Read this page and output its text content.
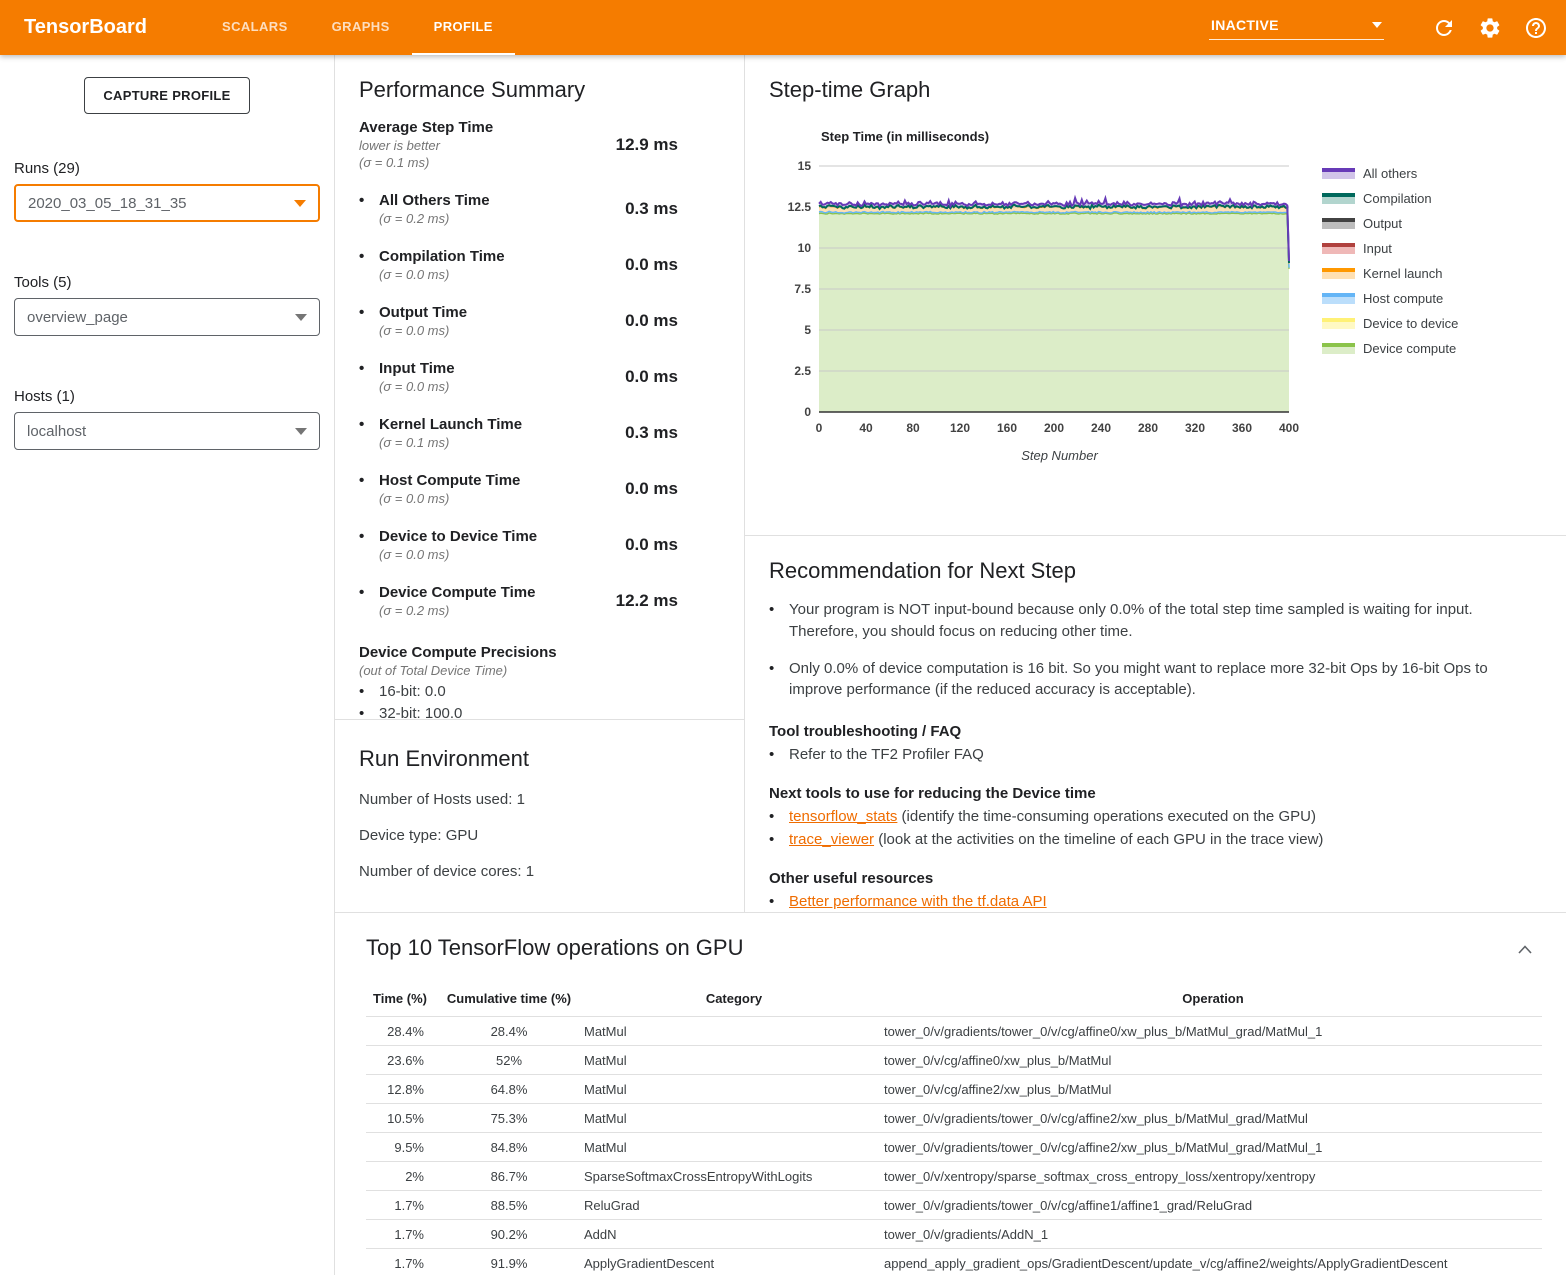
TensorBoard	SCALARS	GRAPHS	PROFILE	INACTIVE
CAPTURE PROFILE
Runs (29)
2020_03_05_18_31_35
Tools (5)
overview_page
Hosts (1)
localhost
Performance Summary
Average Step Time
lower is better
(σ = 0.1 ms)
12.9 ms
• All Others Time
(σ = 0.2 ms)
0.3 ms
• Compilation Time
(σ = 0.0 ms)
0.0 ms
• Output Time
(σ = 0.0 ms)
0.0 ms
• Input Time
(σ = 0.0 ms)
0.0 ms
• Kernel Launch Time
(σ = 0.1 ms)
0.3 ms
• Host Compute Time
(σ = 0.0 ms)
0.0 ms
• Device to Device Time
(σ = 0.0 ms)
0.0 ms
• Device Compute Time
(σ = 0.2 ms)
12.2 ms
Device Compute Precisions
(out of Total Device Time)
• 16-bit: 0.0
• 32-bit: 100.0
Run Environment
Number of Hosts used: 1
Device type: GPU
Number of device cores: 1
Step-time Graph
Step Time (in milliseconds)
0
2.5
5
7.5
10
12.5
15
0	40	80	120 160 200 240 280 320 360 400
All others
Compilation
Output
Input
Kernel launch
Host compute
Device to device
Device compute
Step Number
Recommendation for Next Step
• Your program is NOT input-bound because only 0.0% of the total step time sampled is waiting for input. Therefore, you should focus on reducing other time.
• Only 0.0% of device computation is 16 bit. So you might want to replace more 32-bit Ops by 16-bit Ops to improve performance (if the reduced accuracy is acceptable).
Tool troubleshooting / FAQ
• Refer to the TF2 Profiler FAQ
Next tools to use for reducing the Device time
• tensorflow_stats (identify the time-consuming operations executed on the GPU)
• trace_viewer (look at the activities on the timeline of each GPU in the trace view)
Other useful resources
• Better performance with the tf.data API
Top 10 TensorFlow operations on GPU
Time (%)	Cumulative time (%)	Category	Operation
28.4%	28.4%	MatMul	tower_0/v/gradients/tower_0/v/cg/affine0/xw_plus_b/MatMul_grad/MatMul_1
23.6%	52%	MatMul	tower_0/v/cg/affine0/xw_plus_b/MatMul
12.8%	64.8%	MatMul	tower_0/v/cg/affine2/xw_plus_b/MatMul
10.5%	75.3%	MatMul	tower_0/v/gradients/tower_0/v/cg/affine2/xw_plus_b/MatMul_grad/MatMul
9.5%	84.8%	MatMul	tower_0/v/gradients/tower_0/v/cg/affine2/xw_plus_b/MatMul_grad/MatMul_1
2%	86.7%	SparseSoftmaxCrossEntropyWithLogits	tower_0/v/xentropy/sparse_softmax_cross_entropy_loss/xentropy/xentropy
1.7%	88.5%	ReluGrad	tower_0/v/gradients/tower_0/v/cg/affine1/affine1_grad/ReluGrad
1.7%	90.2%	AddN	tower_0/v/gradients/AddN_1
1.7%	91.9%	ApplyGradientDescent	append_apply_gradient_ops/GradientDescent/update_v/cg/affine2/weights/ApplyGradientDescent
